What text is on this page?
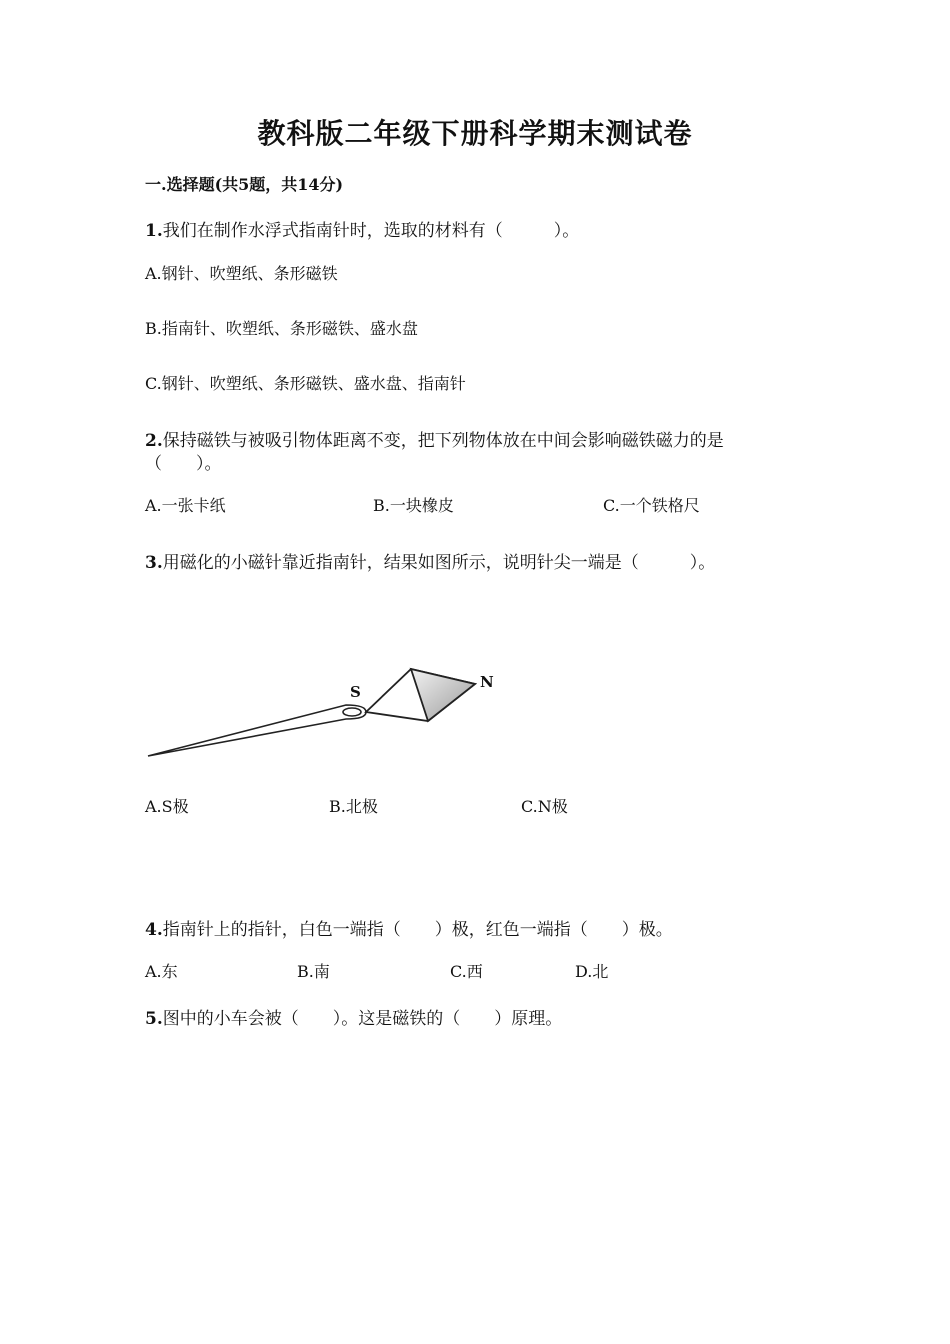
教科版二年级下册科学期末测试卷
一.选择题(共5题，共14分)
1.我们在制作水浮式指南针时，选取的材料有（　　　）。
A.钢针、吹塑纸、条形磁铁
B.指南针、吹塑纸、条形磁铁、盛水盘
C.钢针、吹塑纸、条形磁铁、盛水盘、指南针
2.保持磁铁与被吸引物体距离不变，把下列物体放在中间会影响磁铁磁力的是
（　　）。
A.一张卡纸	B.一块橡皮	C.一个铁格尺
3.用磁化的小磁针靠近指南针，结果如图所示，说明针尖一端是（　　　）。
S
N
A.S极	B.北极	C.N极
4.指南针上的指针，白色一端指（　　）极，红色一端指（　　）极。
A.东	B.南	C.西	D.北
5.图中的小车会被（　　）。这是磁铁的（　　）原理。
